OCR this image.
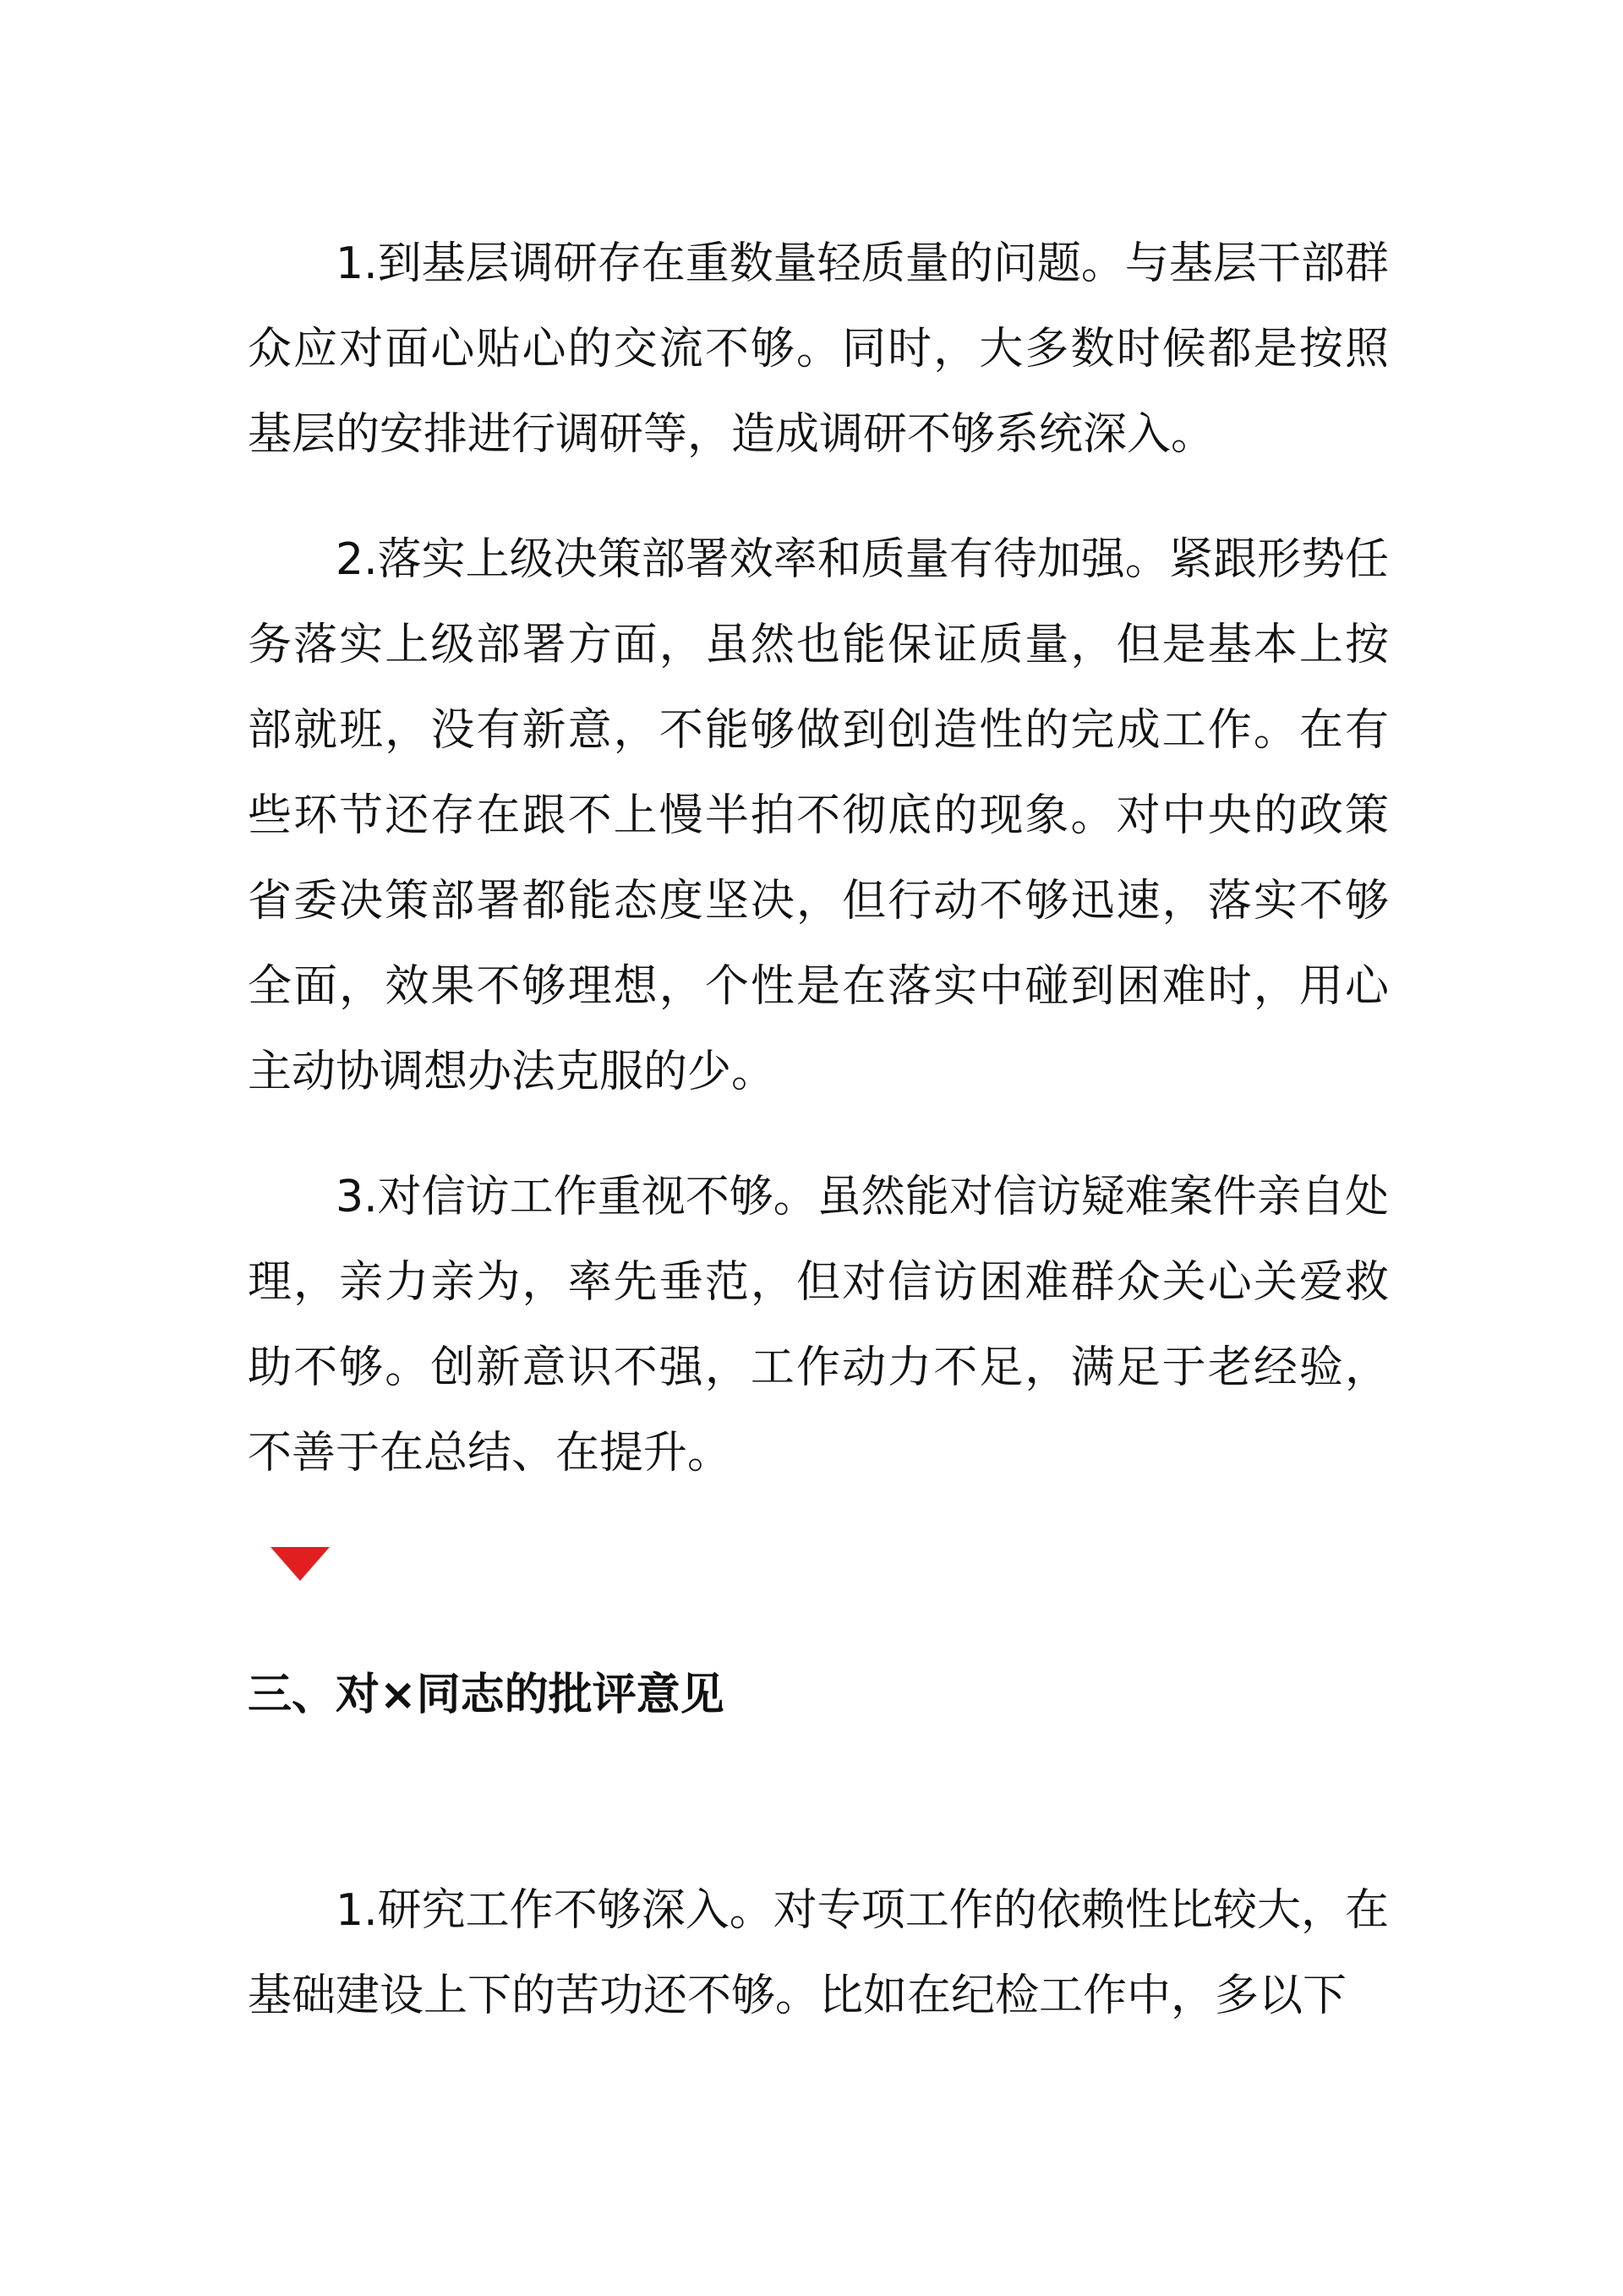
1.到基层调研存在重数量轻质量的问题。与基层干部群众应对面心贴心的交流不够。同时，大多数时候都是按照基层的安排进行调研等，造成调研不够系统深入。

2.落实上级决策部署效率和质量有待加强。紧跟形势任务落实上级部署方面，虽然也能保证质量，但是基本上按部就班，没有新意，不能够做到创造性的完成工作。在有些环节还存在跟不上慢半拍不彻底的现象。对中央的政策省委决策部署都能态度坚决，但行动不够迅速，落实不够全面，效果不够理想，个性是在落实中碰到困难时，用心主动协调想办法克服的少。

3.对信访工作重视不够。虽然能对信访疑难案件亲自处理，亲力亲为，率先垂范，但对信访困难群众关心关爱救助不够。创新意识不强，工作动力不足，满足于老经验，不善于在总结、在提升。

三、对×同志的批评意见

1.研究工作不够深入。对专项工作的依赖性比较大，在基础建设上下的苦功还不够。比如在纪检工作中，多以下
